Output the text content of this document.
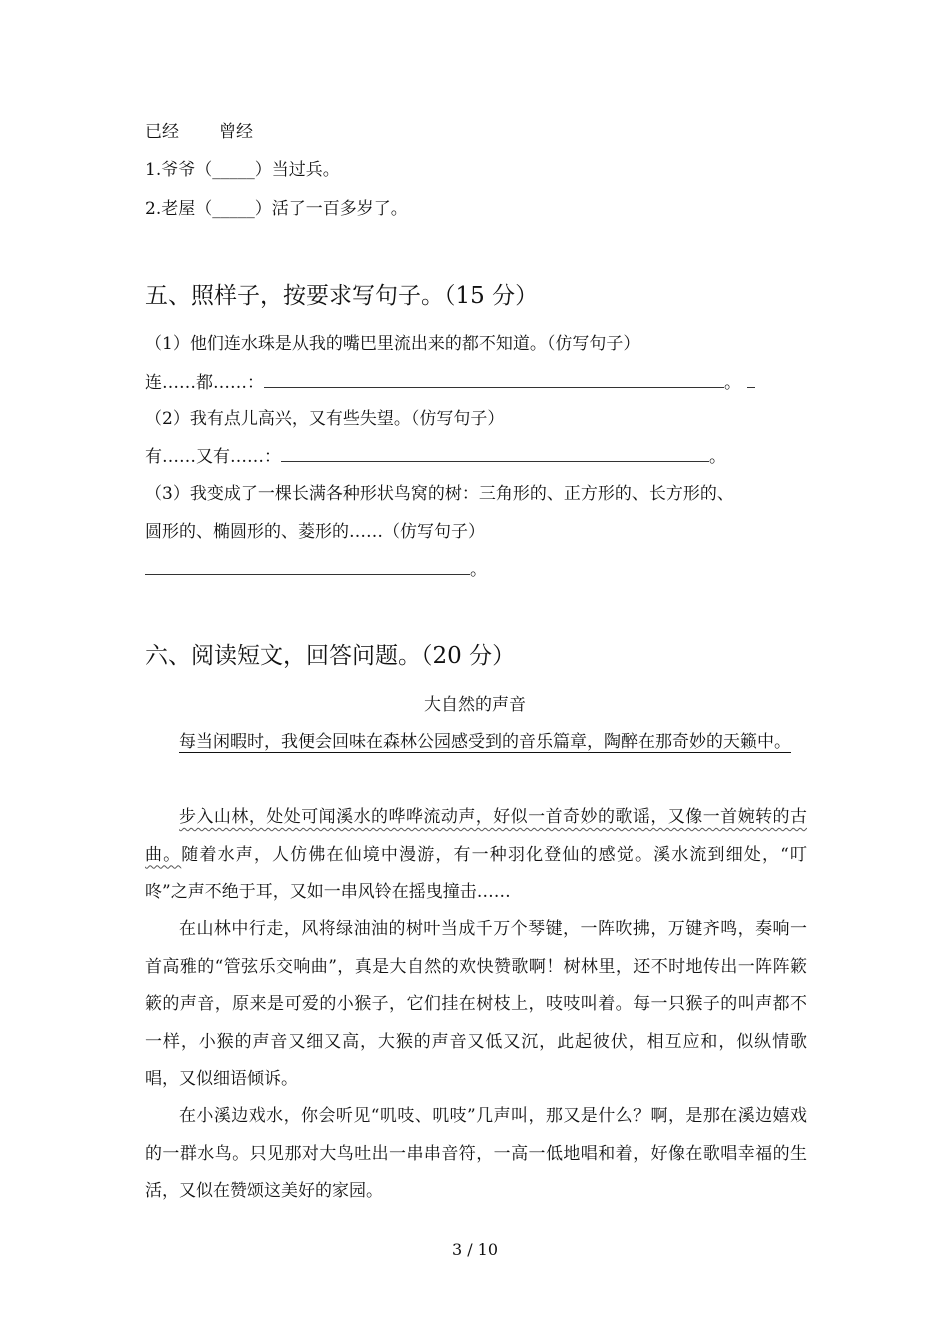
已经 曾经
1.爷爷（_____）当过兵。
2.老屋（_____）活了一百多岁了。
五、照样子，按要求写句子。（15 分）
（1）他们连水珠是从我的嘴巴里流出来的都不知道。（仿写句子）
连……都……：	。
（2）我有点儿高兴，又有些失望。（仿写句子）
有……又有……：	。
（3）我变成了一棵长满各种形状鸟窝的树：三角形的、正方形的、长方形的、
圆形的、椭圆形的、菱形的……（仿写句子）
。
六、阅读短文，回答问题。（20 分）
大自然的声音

每当闲暇时，我便会回味在森林公园感受到的音乐篇章，陶醉在那奇妙的天籁中。

步入山林，处处可闻溪水的哗哗流动声，好似一首奇妙的歌谣，又像一首婉转的古曲。随着水声，人仿佛在仙境中漫游，有一种羽化登仙的感觉。溪水流到细处，“叮咚”之声不绝于耳，又如一串风铃在摇曳撞击……

在山林中行走，风将绿油油的树叶当成千万个琴键，一阵吹拂，万键齐鸣，奏响一首高雅的“管弦乐交响曲”，真是大自然的欢快赞歌啊！树林里，还不时地传出一阵阵簌簌的声音，原来是可爱的小猴子，它们挂在树枝上，吱吱叫着。每一只猴子的叫声都不一样，小猴的声音又细又高，大猴的声音又低又沉，此起彼伏，相互应和，似纵情歌唱，又似细语倾诉。

在小溪边戏水，你会听见“叽吱、叽吱”几声叫，那又是什么？啊，是那在溪边嬉戏的一群水鸟。只见那对大鸟吐出一串串音符，一高一低地唱和着，好像在歌唱幸福的生活，又似在赞颂这美好的家园。

3 / 10
